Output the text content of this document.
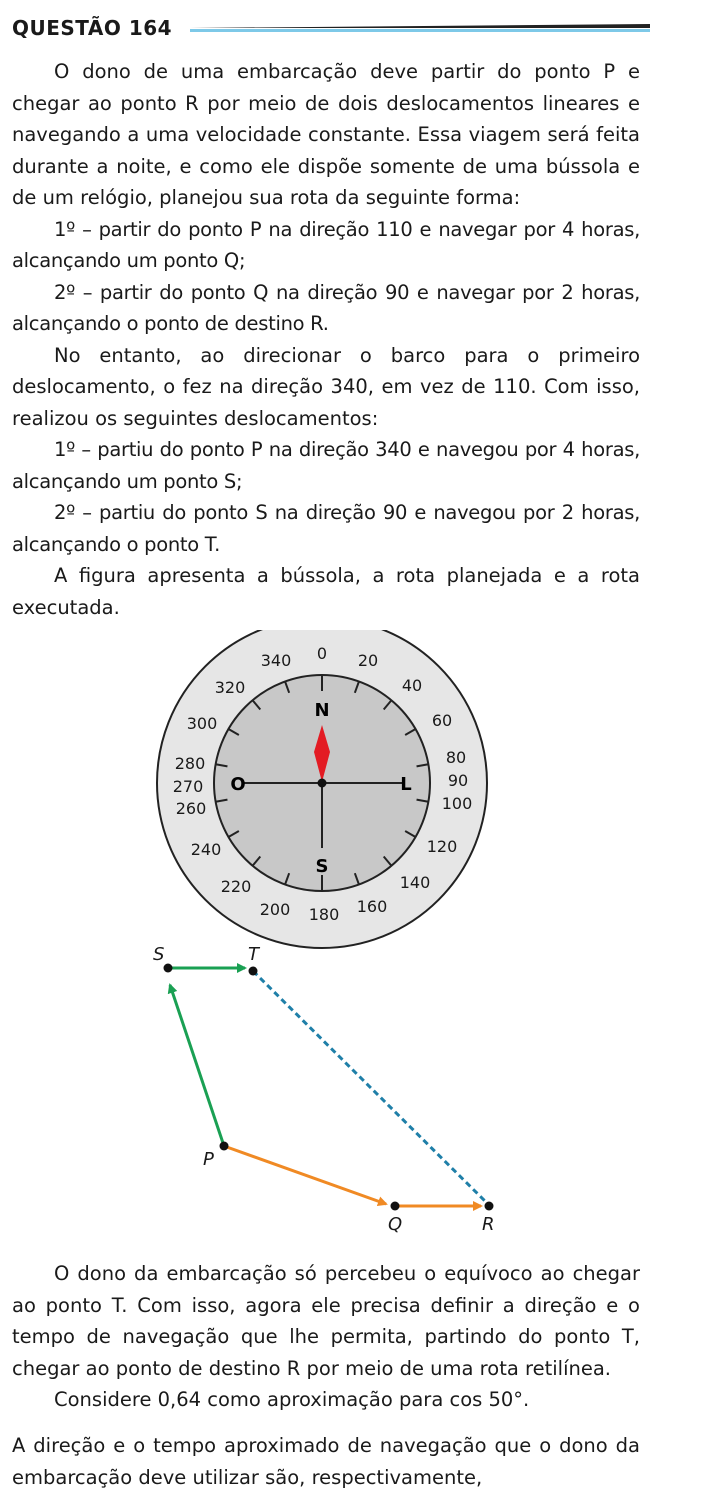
QUESTÃO 164

O dono de uma embarcação deve partir do ponto P e chegar ao ponto R por meio de dois deslocamentos lineares e navegando a uma velocidade constante. Essa viagem será feita durante a noite, e como ele dispõe somente de uma bússola e de um relógio, planejou sua rota da seguinte forma:

1º – partir do ponto P na direção 110 e navegar por 4 horas, alcançando um ponto Q;

2º – partir do ponto Q na direção 90 e navegar por 2 horas, alcançando o ponto de destino R.

No entanto, ao direcionar o barco para o primeiro deslocamento, o fez na direção 340, em vez de 110. Com isso, realizou os seguintes deslocamentos:

1º – partiu do ponto P na direção 340 e navegou por 4 horas, alcançando um ponto S;

2º – partiu do ponto S na direção 90 e navegou por 2 horas, alcançando o ponto T.

A figura apresenta a bússola, a rota planejada e a rota executada.

N
S
L
O
340 0 20
40
60
80
90
100
120
140
160
180
200
220
240
260
270
280
300
320
S	T
P
Q	R

O dono da embarcação só percebeu o equívoco ao chegar ao ponto T. Com isso, agora ele precisa definir a direção e o tempo de navegação que lhe permita, partindo do ponto T, chegar ao ponto de destino R por meio de uma rota retilínea.

Considere 0,64 como aproximação para cos 50°.

A direção e o tempo aproximado de navegação que o dono da embarcação deve utilizar são, respectivamente,
